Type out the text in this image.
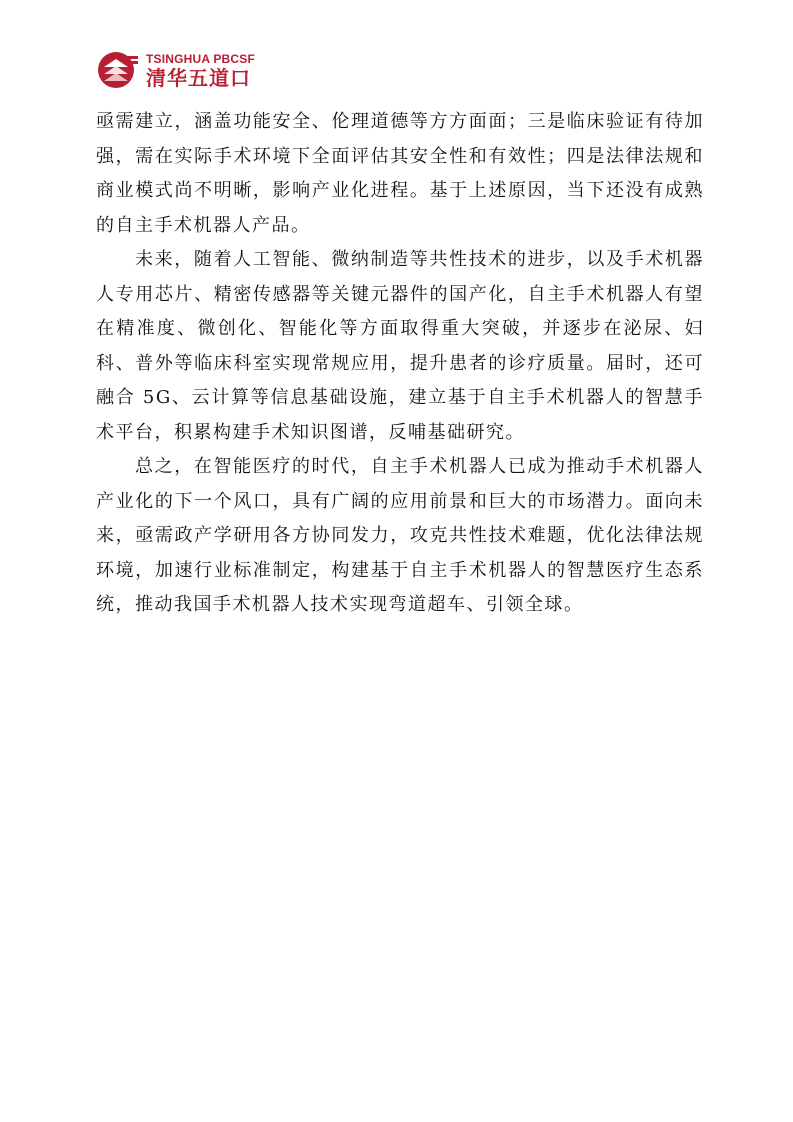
TSINGHUA PBCSF
清华五道口

亟需建立，涵盖功能安全、伦理道德等方方面面；三是临床验证有待加强，需在实际手术环境下全面评估其安全性和有效性；四是法律法规和商业模式尚不明晰，影响产业化进程。基于上述原因，当下还没有成熟的自主手术机器人产品。

未来，随着人工智能、微纳制造等共性技术的进步，以及手术机器人专用芯片、精密传感器等关键元器件的国产化，自主手术机器人有望在精准度、微创化、智能化等方面取得重大突破，并逐步在泌尿、妇科、普外等临床科室实现常规应用，提升患者的诊疗质量。届时，还可融合 5G、云计算等信息基础设施，建立基于自主手术机器人的智慧手术平台，积累构建手术知识图谱，反哺基础研究。

总之，在智能医疗的时代，自主手术机器人已成为推动手术机器人产业化的下一个风口，具有广阔的应用前景和巨大的市场潜力。面向未来，亟需政产学研用各方协同发力，攻克共性技术难题，优化法律法规环境，加速行业标准制定，构建基于自主手术机器人的智慧医疗生态系统，推动我国手术机器人技术实现弯道超车、引领全球。
